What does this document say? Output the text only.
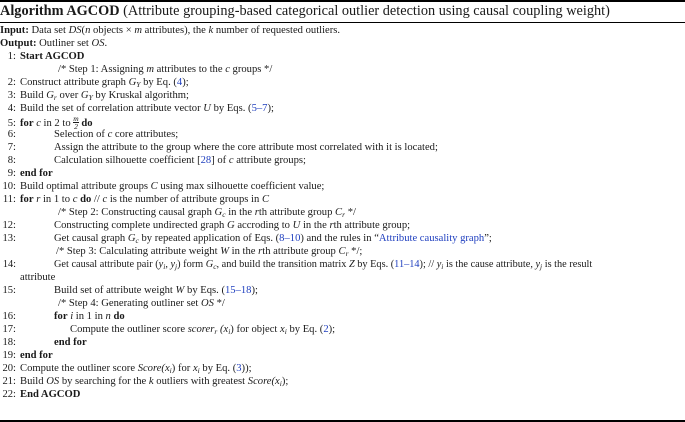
Algorithm AGCOD (Attribute grouping-based categorical outlier detection using causal coupling weight)
Input: Data set DS(n objects × m attributes), the k number of requested outliers.
Output: Outliner set OS.
1: Start AGCOD
/* Step 1: Assigning m attributes to the c groups */
2: Construct attribute graph $G_Y$ by Eq. (4);
3: Build $G_r$ over $G_Y$ by Kruskal algorithm;
4: Build the set of correlation attribute vector U by Eqs. (5–7);
5: for c in 2 to $\frac{m}{2}$ do
6:	Selection of c core attributes;
7:	Assign the attribute to the group where the core attribute most correlated with it is located;
8:	Calculation silhouette coefficient [28] of c attribute groups;
9: end for
10: Build optimal attribute groups C using max silhouette coefficient value;
11: for r in 1 to c do // c is the number of attribute groups in C
/* Step 2: Constructing causal graph $G_c$ in the rth attribute group $C_r$ */
12:	Constructing complete undirected graph G accroding to U in the rth attribute group;
13:	Get causal graph $G_c$ by repeated application of Eqs. (8–10) and the rules in “Attribute causality graph”;
/* Step 3: Calculating attribute weight W in the rth attribute group $C_r$ */;
14:	Get causal attribute pair ($y_i$, $y_j$) form $G_c$, and build the transition matrix Z by Eqs. (11–14); // $y_i$ is the cause attribute, $y_j$ is the result
attribute
15:	Build set of attribute weight W by Eqs. (15–18);
/* Step 4: Generating outliner set OS */
16:	for i in 1 in n do
17:	Compute the outliner score scorer$_r$ $(x_i)$ for object $x_i$ by Eq. (2);
18:	end for
19: end for
20: Compute the outliner score $Score(x_i)$ for $x_i$ by Eq. (3));
21: Build OS by searching for the k outliers with greatest $Score(x_i)$;
22: End AGCOD
